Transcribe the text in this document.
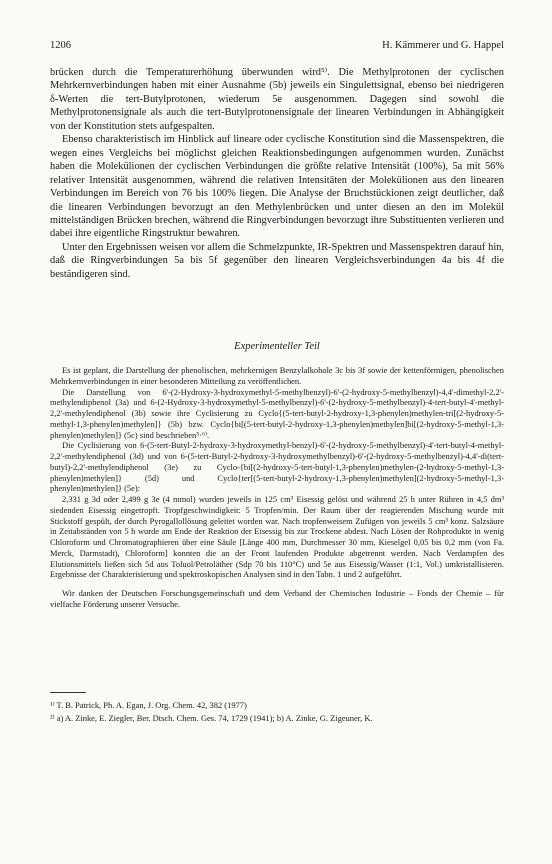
1206	H. Kämmerer und G. Happel

brücken durch die Temperaturerhöhung überwunden wird⁵⁾. Die Methylprotonen der cyclischen Mehrkernverbindungen haben mit einer Ausnahme (5b) jeweils ein Singulettsignal, ebenso bei niedrigeren δ-Werten die tert-Butylprotonen, wiederum 5e ausgenommen. Dagegen sind sowohl die Methylprotonensignale als auch die tert-Butylprotonensignale der linearen Verbindungen in Abhängigkeit von der Konstitution stets aufgespalten.

Ebenso charakteristisch im Hinblick auf lineare oder cyclische Konstitution sind die Massenspektren, die wegen eines Vergleichs bei möglichst gleichen Reaktionsbedingungen aufgenommen wurden. Zunächst haben die Molekülionen der cyclischen Verbindungen die größte relative Intensität (100%), 5a mit 56% relativer Intensität ausgenommen, während die relativen Intensitäten der Molekülionen aus den linearen Verbindungen im Bereich von 76 bis 100% liegen. Die Analyse der Bruchstückionen zeigt deutlicher, daß die linearen Verbindungen bevorzugt an den Methylenbrücken und unter diesen an den im Molekül mittelständigen Brücken brechen, während die Ringverbindungen bevorzugt ihre Substituenten verlieren und dabei ihre eigentliche Ringstruktur bewahren.

Unter den Ergebnissen weisen vor allem die Schmelzpunkte, IR-Spektren und Massenspektren darauf hin, daß die Ringverbindungen 5a bis 5f gegenüber den linearen Vergleichsverbindungen 4a bis 4f die beständigeren sind.

Experimenteller Teil

Es ist geplant, die Darstellung der phenolischen, mehrkernigen Benzylalkohole 3c bis 3f sowie der kettenförmigen, phenolischen Mehrkernverbindungen in einer besonderen Mitteilung zu veröffentlichen.

Die Darstellung von 6'-(2-Hydroxy-3-hydroxymethyl-5-methylbenzyl)-6'-(2-hydroxy-5-methylbenzyl)-4,4'-dimethyl-2,2'-methylendiphenol (3a) und 6-(2-Hydroxy-3-hydroxymethyl-5-methylbenzyl)-6'-(2-hydroxy-5-methylbenzyl)-4-tert-butyl-4'-methyl-2,2'-methylendiphenol (3b) sowie ihre Cyclisierung zu Cyclo{(5-tert-butyl-2-hydroxy-1,3-phenylen)methylen-tri[(2-hydroxy-5-methyl-1,3-phenylen)methylen]} (5b) bzw. Cyclo{bi[(5-tert-butyl-2-hydroxy-1,3-phenylen)methylen]bi[(2-hydroxy-5-methyl-1,3-phenylen)methylen]} (5c) sind beschrieben⁵·⁶⁾.

Die Cyclisierung von 6-(5-tert-Butyl-2-hydroxy-3-hydroxymethyl-benzyl)-6'-(2-hydroxy-5-methylbenzyl)-4'-tert-butyl-4-methyl-2,2'-methylendiphenol (3d) und von 6-(5-tert-Butyl-2-hydroxy-3-hydroxymethylbenzyl)-6'-(2-hydroxy-5-methylbenzyl)-4,4'-di(tert-butyl)-2,2'-methylendiphenol (3e) zu Cyclo-{bi[(2-hydroxy-5-tert-butyl-1,3-phenylen)methylen-(2-hydroxy-5-methyl-1,3-phenylen)methylen]} (5d) und Cyclo{ter[(5-tert-butyl-2-hydroxy-1,3-phenylen)methylen](2-hydroxy-5-methyl-1,3-phenylen)methylen]} (5e):

2,331 g 3d oder 2,499 g 3e (4 mmol) wurden jeweils in 125 cm³ Eisessig gelöst und während 25 h unter Rühren in 4,5 dm³ siedenden Eisessig eingetropft. Tropfgeschwindigkeit: 5 Tropfen/min. Der Raum über der reagierenden Mischung wurde mit Stickstoff gespült, der durch Pyrogallollösung geleitet worden war. Nach tropfenweisem Zufügen von jeweils 5 cm³ konz. Salzsäure in Zeitabständen von 5 h wurde am Ende der Reaktion der Eisessig bis zur Trockene abdest. Nach Lösen der Rohprodukte in wenig Chloroform und Chromatographieren über eine Säule [Länge 400 mm, Durchmesser 30 mm, Kieselgel 0,05 bis 0,2 mm (von Fa. Merck, Darmstadt), Chloroform] konnten die an der Front laufenden Produkte abgetrennt werden. Nach Verdampfen des Elutionsmittels ließen sich 5d aus Toluol/Petroläther (Sdp 70 bis 110°C) und 5e aus Eisessig/Wasser (1:1, Vol.) umkristallisieren. Ergebnisse der Charakterisierung und spektroskopischen Analysen sind in den Tabn. 1 und 2 aufgeführt.

Wir danken der Deutschen Forschungsgemeinschaft und dem Verband der Chemischen Industrie – Fonds der Chemie – für vielfache Förderung unserer Versuche.

¹⁾ T. B. Patrick, Ph. A. Egan, J. Org. Chem. 42, 382 (1977)
²⁾ a) A. Zinke, E. Ziegler, Ber. Dtsch. Chem. Ges. 74, 1729 (1941); b) A. Zinke, G. Zigeuner, K.
